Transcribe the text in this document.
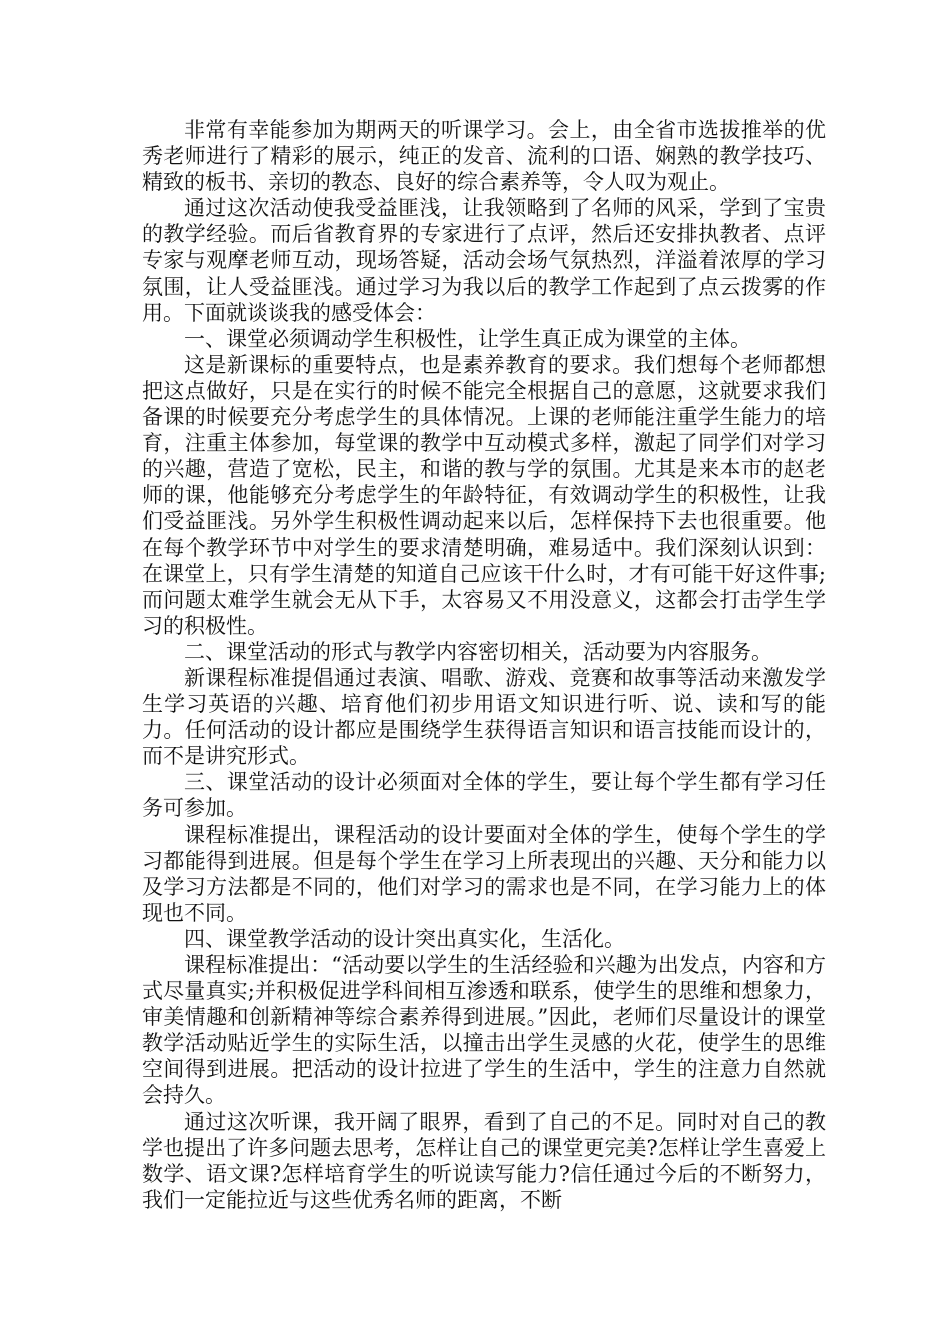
非常有幸能参加为期两天的听课学习。会上，由全省市选拔推举的优秀老师进行了精彩的展示，纯正的发音、流利的口语、娴熟的教学技巧、精致的板书、亲切的教态、良好的综合素养等，令人叹为观止。

通过这次活动使我受益匪浅，让我领略到了名师的风采，学到了宝贵的教学经验。而后省教育界的专家进行了点评，然后还安排执教者、点评专家与观摩老师互动，现场答疑，活动会场气氛热烈，洋溢着浓厚的学习氛围，让人受益匪浅。通过学习为我以后的教学工作起到了点云拨雾的作用。下面就谈谈我的感受体会：

一、课堂必须调动学生积极性，让学生真正成为课堂的主体。

这是新课标的重要特点，也是素养教育的要求。我们想每个老师都想把这点做好，只是在实行的时候不能完全根据自己的意愿，这就要求我们备课的时候要充分考虑学生的具体情况。上课的老师能注重学生能力的培育，注重主体参加，每堂课的教学中互动模式多样，激起了同学们对学习的兴趣，营造了宽松，民主，和谐的教与学的氛围。尤其是来本市的赵老师的课，他能够充分考虑学生的年龄特征，有效调动学生的积极性，让我们受益匪浅。另外学生积极性调动起来以后，怎样保持下去也很重要。他在每个教学环节中对学生的要求清楚明确，难易适中。我们深刻认识到：在课堂上，只有学生清楚的知道自己应该干什么时，才有可能干好这件事;而问题太难学生就会无从下手，太容易又不用没意义，这都会打击学生学习的积极性。

二、课堂活动的形式与教学内容密切相关，活动要为内容服务。

新课程标准提倡通过表演、唱歌、游戏、竞赛和故事等活动来激发学生学习英语的兴趣、培育他们初步用语文知识进行听、说、读和写的能力。任何活动的设计都应是围绕学生获得语言知识和语言技能而设计的，而不是讲究形式。

三、课堂活动的设计必须面对全体的学生，要让每个学生都有学习任务可参加。

课程标准提出，课程活动的设计要面对全体的学生，使每个学生的学习都能得到进展。但是每个学生在学习上所表现出的兴趣、天分和能力以及学习方法都是不同的，他们对学习的需求也是不同，在学习能力上的体现也不同。

四、课堂教学活动的设计突出真实化，生活化。

课程标准提出：“活动要以学生的生活经验和兴趣为出发点，内容和方式尽量真实;并积极促进学科间相互渗透和联系，使学生的思维和想象力，审美情趣和创新精神等综合素养得到进展。”因此，老师们尽量设计的课堂教学活动贴近学生的实际生活，以撞击出学生灵感的火花，使学生的思维空间得到进展。把活动的设计拉进了学生的生活中，学生的注意力自然就会持久。

通过这次听课，我开阔了眼界，看到了自己的不足。同时对自己的教学也提出了许多问题去思考，怎样让自己的课堂更完美?怎样让学生喜爱上数学、语文课?怎样培育学生的听说读写能力?信任通过今后的不断努力，我们一定能拉近与这些优秀名师的距离，不断
